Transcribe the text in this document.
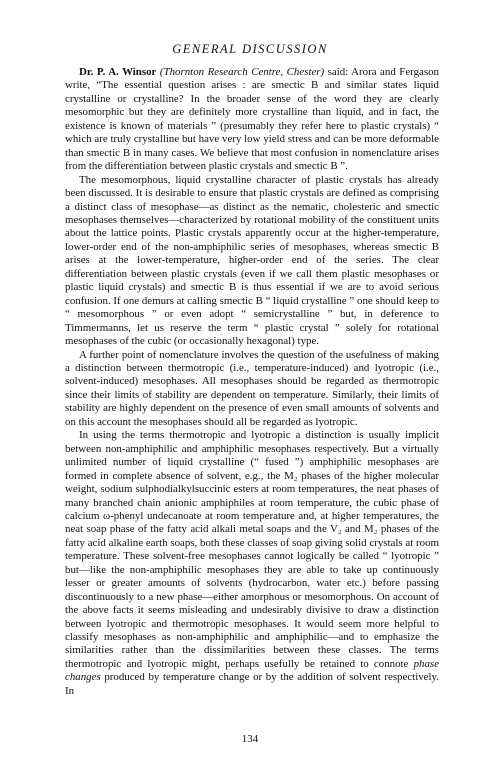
GENERAL DISCUSSION

Dr. P. A. Winsor (Thornton Research Centre, Chester) said: Arora and Fergason write, “The essential question arises : are smectic B and similar states liquid crystalline or crystalline? In the broader sense of the word they are clearly mesomorphic but they are definitely more crystalline than liquid, and in fact, the existence is known of materials ” (presumably they refer here to plastic crystals) “ which are truly crystalline but have very low yield stress and can be more deformable than smectic B in many cases. We believe that most confusion in nomenclature arises from the differentiation between plastic crystals and smectic B ”.

The mesomorphous, liquid crystalline character of plastic crystals has already been discussed. It is desirable to ensure that plastic crystals are defined as comprising a distinct class of mesophase—as distinct as the nematic, cholesteric and smectic mesophases themselves—characterized by rotational mobility of the constituent units about the lattice points. Plastic crystals apparently occur at the higher-temperature, lower-order end of the non-amphiphilic series of mesophases, whereas smectic B arises at the lower-temperature, higher-order end of the series. The clear differentiation between plastic crystals (even if we call them plastic mesophases or plastic liquid crystals) and smectic B is thus essential if we are to avoid serious confusion. If one demurs at calling smectic B “ liquid crystalline ” one should keep to “ mesomorphous ” or even adopt “ semicrystalline ” but, in deference to Timmermanns, let us reserve the term “ plastic crystal ” solely for rotational mesophases of the cubic (or occasionally hexagonal) type.

A further point of nomenclature involves the question of the usefulness of making a distinction between thermotropic (i.e., temperature-induced) and lyotropic (i.e., solvent-induced) mesophases. All mesophases should be regarded as thermotropic since their limits of stability are dependent on temperature. Similarly, their limits of stability are highly dependent on the presence of even small amounts of solvents and on this account the mesophases should all be regarded as lyotropic.

In using the terms thermotropic and lyotropic a distinction is usually implicit between non-amphiphilic and amphiphilic mesophases respectively. But a virtually unlimited number of liquid crystalline (“ fused ”) amphiphilic mesophases are formed in complete absence of solvent, e.g., the M₂ phases of the higher molecular weight, sodium sulphodialkylsuccinic esters at room temperatures, the neat phases of many branched chain anionic amphiphiles at room temperature, the cubic phase of calcium ω-phenyl undecanoate at room temperature and, at higher temperatures, the neat soap phase of the fatty acid alkali metal soaps and the V₂ and M₂ phases of the fatty acid alkaline earth soaps, both these classes of soap giving solid crystals at room temperature. These solvent-free mesophases cannot logically be called “ lyotropic ” but—like the non-amphiphilic mesophases they are able to take up continuously lesser or greater amounts of solvents (hydrocarbon, water etc.) before passing discontinuously to a new phase—either amorphous or mesomorphous. On account of the above facts it seems misleading and undesirably divisive to draw a distinction between lyotropic and thermotropic mesophases. It would seem more helpful to classify mesophases as non-amphiphilic and amphiphilic—and to emphasize the similarities rather than the dissimilarities between these classes. The terms thermotropic and lyotropic might, perhaps usefully be retained to connote phase changes produced by temperature change or by the addition of solvent respectively. In

134
